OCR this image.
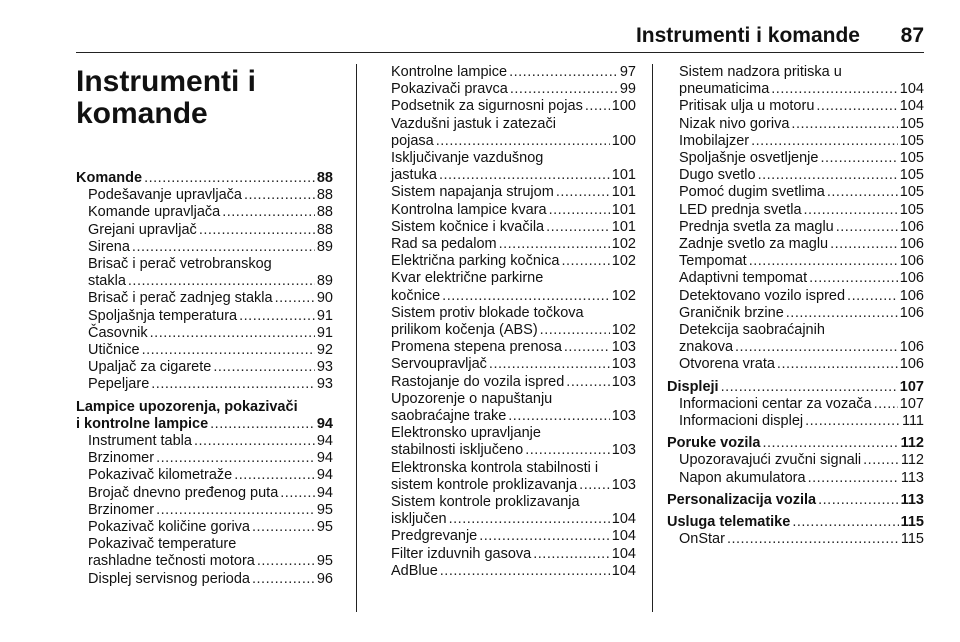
Instrumenti i komande 87
Instrumenti i
komande
Komande .....	88
Podešavanje upravljača .....	88
Komande upravljača .....	88
Grejani upravljač .....	88
Sirena .....	89
Brisač i perač vetrobranskog
stakla .....	89
Brisač i perač zadnjeg stakla .....	90
Spoljašnja temperatura .....	91
Časovnik .....	91
Utičnice .....	92
Upaljač za cigarete .....	93
Pepeljare .....	93
Lampice upozorenja, pokazivači
i kontrolne lampice .....	94
Instrument tabla .....	94
Brzinomer .....	94
Pokazivač kilometraže .....	94
Brojač dnevno pređenog puta .....	94
Brzinomer .....	95
Pokazivač količine goriva .....	95
Pokazivač temperature
rashladne tečnosti motora .....	95
Displej servisnog perioda .....	96
Kontrolne lampice .....	97
Pokazivači pravca .....	99
Podsetnik za sigurnosni pojas ..... 100
Vazdušni jastuk i zatezači
pojasa .....	100
Isključivanje vazdušnog
jastuka .....	101
Sistem napajanja strujom .....	101
Kontrolna lampice kvara .....	101
Sistem kočnice i kvačila .....	101
Rad sa pedalom .....	102
Električna parking kočnica .....	102
Kvar električne parkirne
kočnice .....	102
Sistem protiv blokade točkova
prilikom kočenja (ABS) .....	102
Promena stepena prenosa .....	103
Servoupravljač .....	103
Rastojanje do vozila ispred .....	103
Upozorenje o napuštanju
saobraćajne trake .....	103
Elektronsko upravljanje
stabilnosti isključeno .....	103
Elektronska kontrola stabilnosti i
sistem kontrole proklizavanja ..... 103
Sistem kontrole proklizavanja
isključen .....	104
Predgrevanje .....	104
Filter izduvnih gasova .....	104
AdBlue .....	104
Sistem nadzora pritiska u
pneumaticima .....	104
Pritisak ulja u motoru .....	104
Nizak nivo goriva .....	105
Imobilajzer .....	105
Spoljašnje osvetljenje .....	105
Dugo svetlo .....	105
Pomoć dugim svetlima .....	105
LED prednja svetla .....	105
Prednja svetla za maglu .....	106
Zadnje svetlo za maglu .....	106
Tempomat .....	106
Adaptivni tempomat .....	106
Detektovano vozilo ispred .....	106
Graničnik brzine .....	106
Detekcija saobraćajnih
znakova .....	106
Otvorena vrata .....	106
Displeji .....	107
Informacioni centar za vozača ..... 107
Informacioni displej .....	111
Poruke vozila .....	112
Upozoravajući zvučni signali .....	112
Napon akumulatora .....	113
Personalizacija vozila .....	113
Usluga telematike .....	115
OnStar .....	115
